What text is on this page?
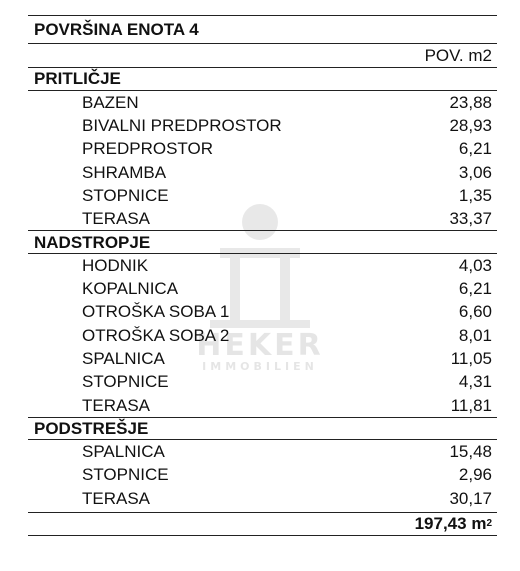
HEKER
IMMOBILIEN
POVRŠINA ENOTA 4
POV. m2
PRITLIČJE
BAZEN	23,88
BIVALNI PREDPROSTOR	28,93
PREDPROSTOR	6,21
SHRAMBA	3,06
STOPNICE	1,35
TERASA	33,37
NADSTROPJE
HODNIK	4,03
KOPALNICA	6,21
OTROŠKA SOBA 1	6,60
OTROŠKA SOBA 2	8,01
SPALNICA	11,05
STOPNICE	4,31
TERASA	11,81
PODSTREŠJE
SPALNICA	15,48
STOPNICE	2,96
TERASA	30,17
197,43 m 2
